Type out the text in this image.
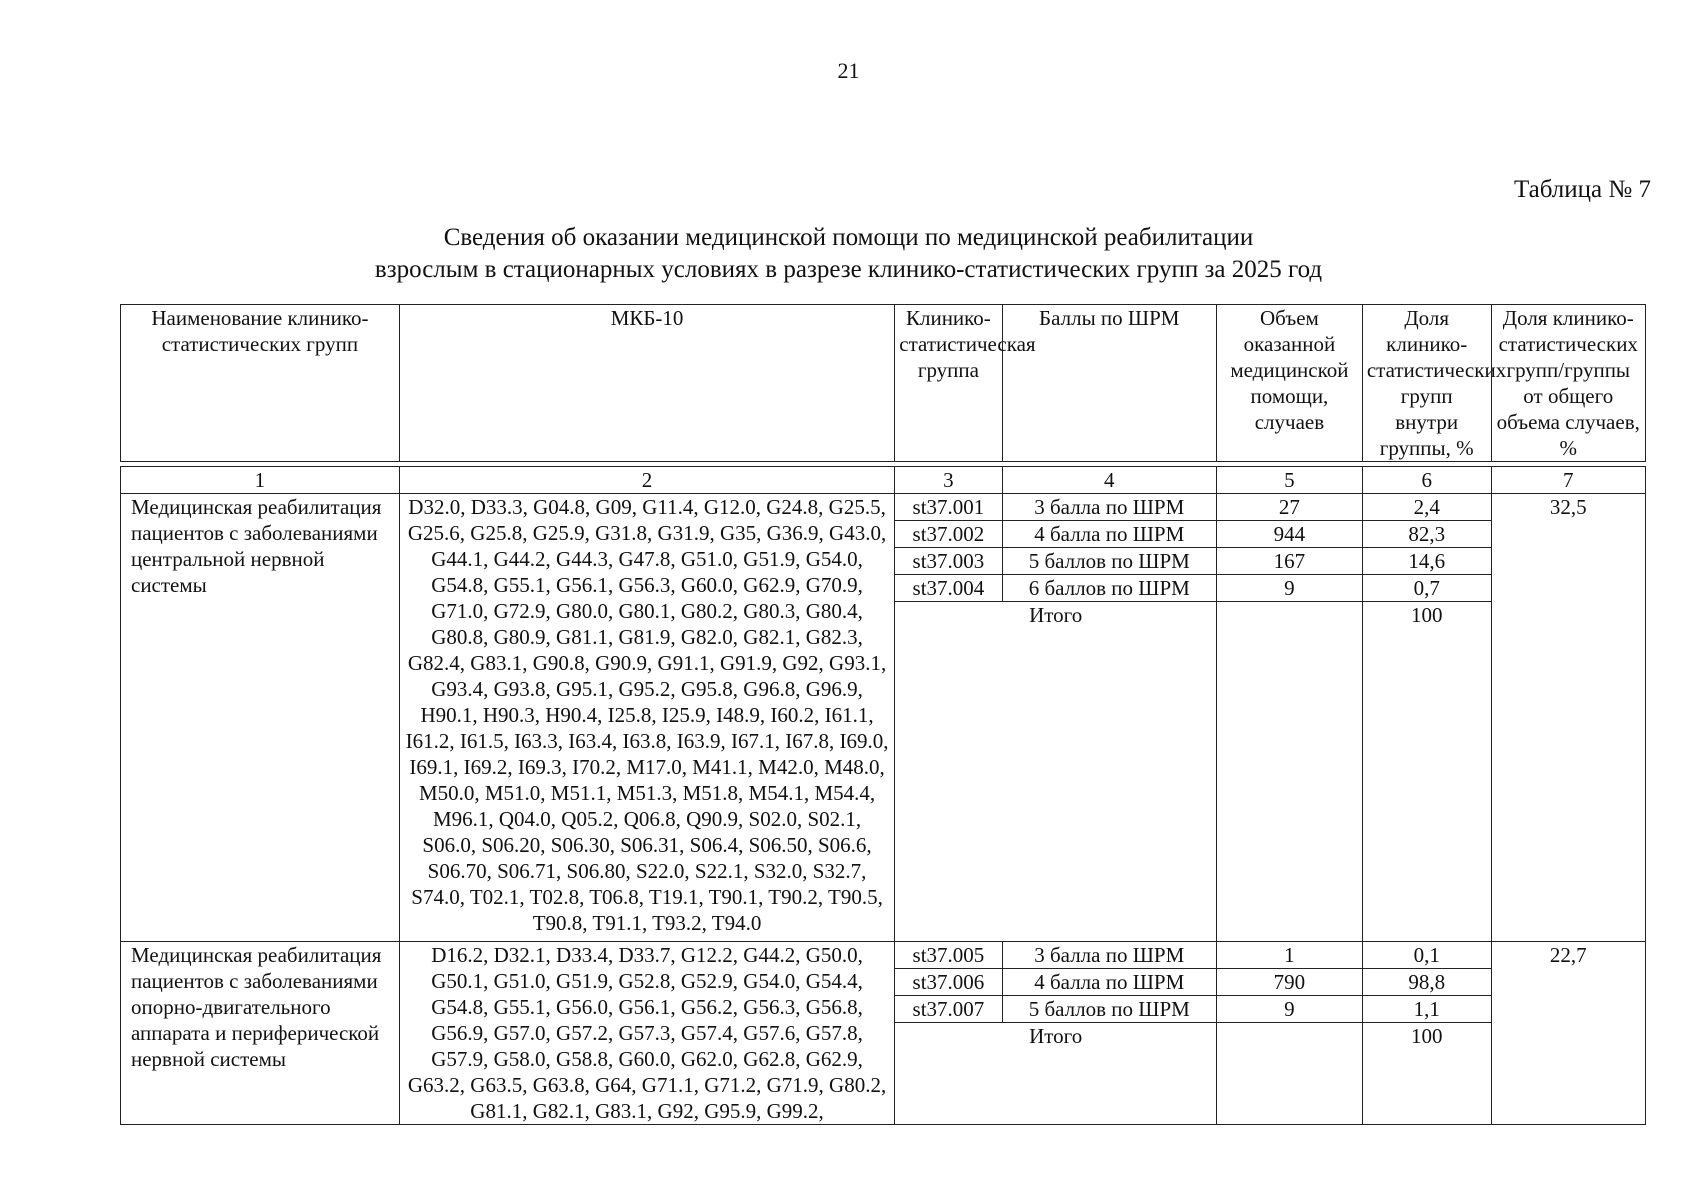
21
Таблица № 7
Сведения об оказании медицинской помощи по медицинской реабилитации
взрослым в стационарных условиях в разрезе клинико-статистических групп за 2025 год
Наименование клинико-статистических групп	МКБ-10	Клинико-статистическая группа	Баллы по ШРМ	Объем оказанной медицинской помощи, случаев	Доля клинико-статистических групп внутри группы, %	Доля клинико-статистических групп/группы от общего объема случаев, %

1	2	3	4	5	6	7
Медицинская реабилитация пациентов с заболеваниями центральной нервной системы	D32.0, D33.3, G04.8, G09, G11.4, G12.0, G24.8, G25.5, G25.6, G25.8, G25.9, G31.8, G31.9, G35, G36.9, G43.0, G44.1, G44.2, G44.3, G47.8, G51.0, G51.9, G54.0, G54.8, G55.1, G56.1, G56.3, G60.0, G62.9, G70.9, G71.0, G72.9, G80.0, G80.1, G80.2, G80.3, G80.4, G80.8, G80.9, G81.1, G81.9, G82.0, G82.1, G82.3, G82.4, G83.1, G90.8, G90.9, G91.1, G91.9, G92, G93.1, G93.4, G93.8, G95.1, G95.2, G95.8, G96.8, G96.9, H90.1, H90.3, H90.4, I25.8, I25.9, I48.9, I60.2, I61.1, I61.2, I61.5, I63.3, I63.4, I63.8, I63.9, I67.1, I67.8, I69.0, I69.1, I69.2, I69.3, I70.2, M17.0, M41.1, M42.0, M48.0, M50.0, M51.0, M51.1, M51.3, M51.8, M54.1, M54.4, M96.1, Q04.0, Q05.2, Q06.8, Q90.9, S02.0, S02.1, S06.0, S06.20, S06.30, S06.31, S06.4, S06.50, S06.6, S06.70, S06.71, S06.80, S22.0, S22.1, S32.0, S32.7, S74.0, T02.1, T02.8, T06.8, T19.1, T90.1, T90.2, T90.5, T90.8, T91.1, T93.2, T94.0	st37.001	3 балла по ШРМ	27	2,4	32,5
		st37.002	4 балла по ШРМ	944	82,3	
		st37.003	5 баллов по ШРМ	167	14,6	
		st37.004	6 баллов по ШРМ	9	0,7	
		Итого			100	

Медицинская реабилитация пациентов с заболеваниями опорно-двигательного аппарата и периферической нервной системы	D16.2, D32.1, D33.4, D33.7, G12.2, G44.2, G50.0, G50.1, G51.0, G51.9, G52.8, G52.9, G54.0, G54.4, G54.8, G55.1, G56.0, G56.1, G56.2, G56.3, G56.8, G56.9, G57.0, G57.2, G57.3, G57.4, G57.6, G57.8, G57.9, G58.0, G58.8, G60.0, G62.0, G62.8, G62.9, G63.2, G63.5, G63.8, G64, G71.1, G71.2, G71.9, G80.2, G81.1, G82.1, G83.1, G92, G95.9, G99.2,	st37.005	3 балла по ШРМ	1	0,1	22,7
		st37.006	4 балла по ШРМ	790	98,8	
		st37.007	5 баллов по ШРМ	9	1,1	
		Итого			100	
